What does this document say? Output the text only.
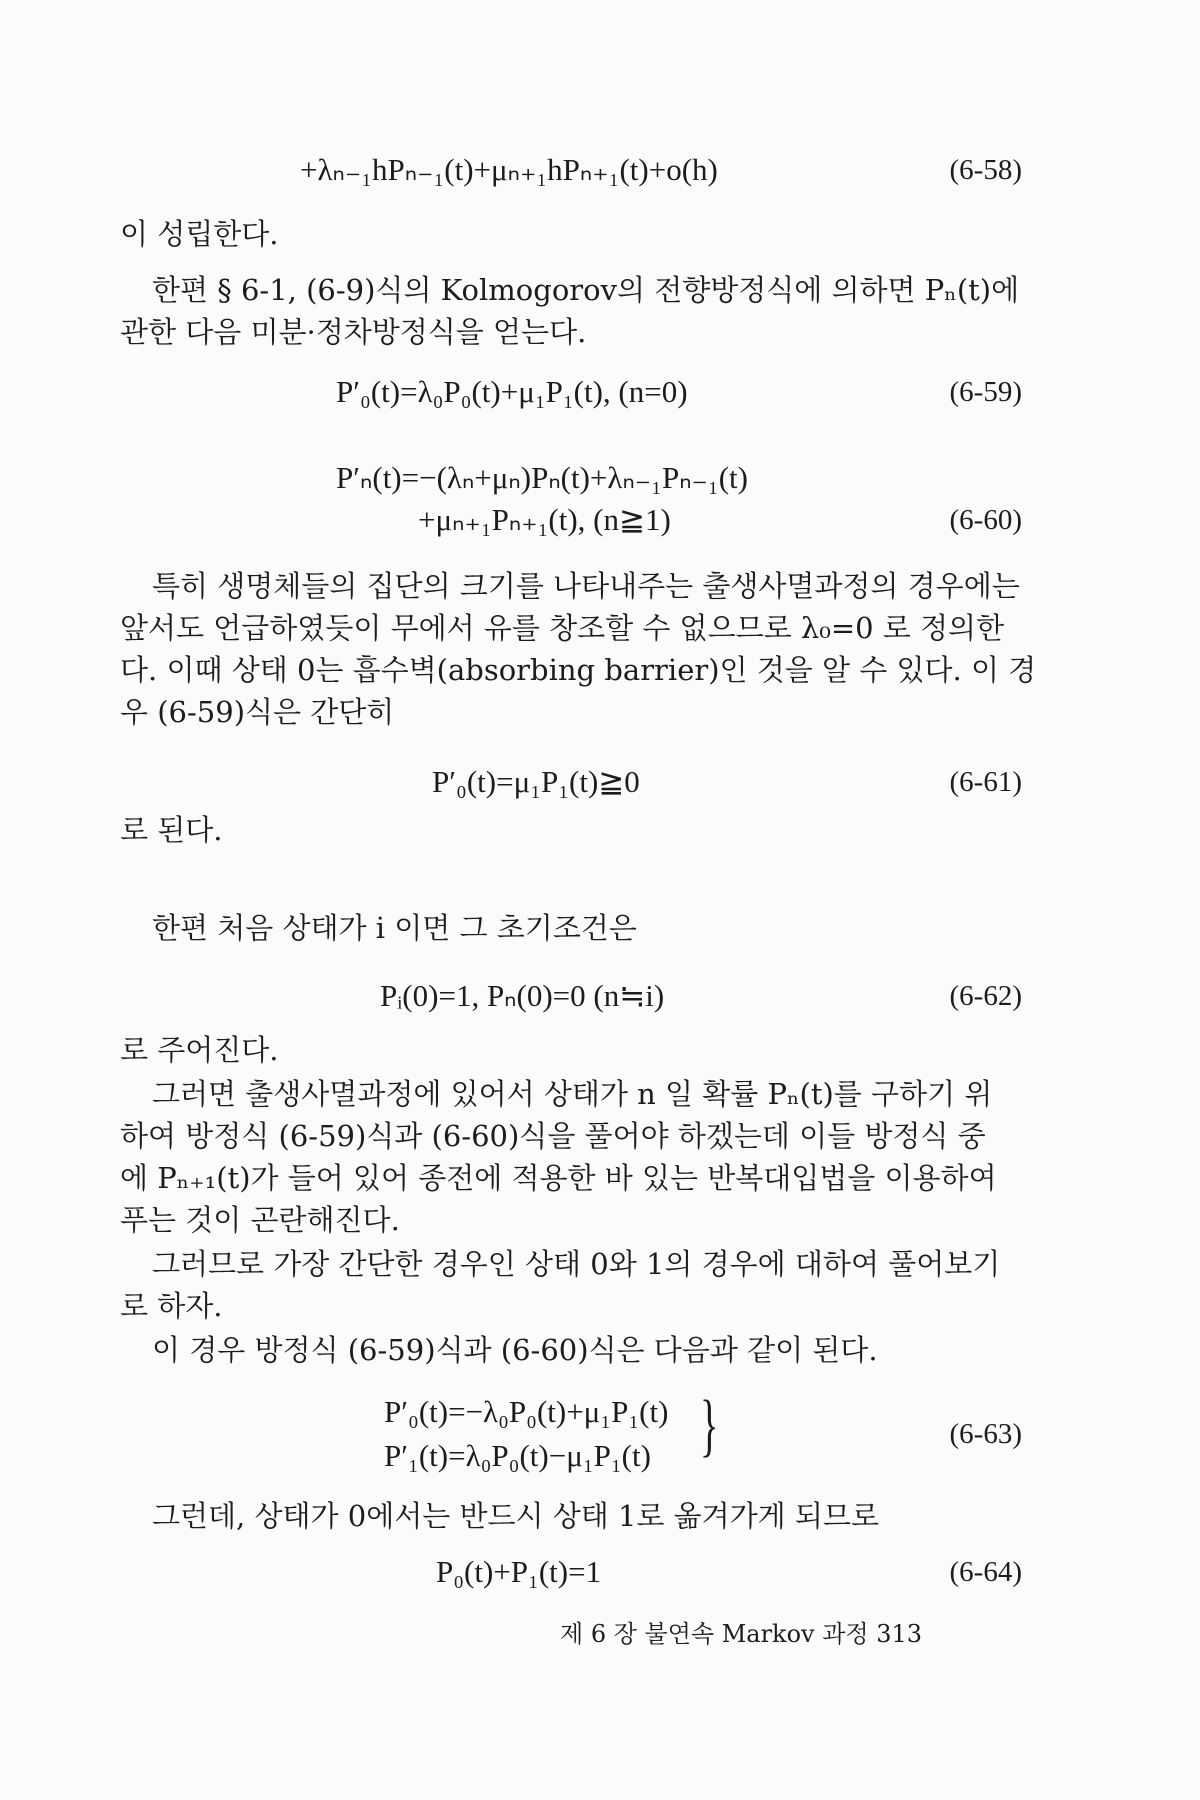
+λₙ₋₁hPₙ₋₁(t)+μₙ₊₁hPₙ₊₁(t)+o(h)	(6-58)
이 성립한다.
한편 § 6-1, (6-9)식의 Kolmogorov의 전향방정식에 의하면 Pₙ(t)에
관한 다음 미분·정차방정식을 얻는다.
P′₀(t)=λ₀P₀(t)+μ₁P₁(t), (n=0)	(6-59)
P′ₙ(t)=−(λₙ+μₙ)Pₙ(t)+λₙ₋₁Pₙ₋₁(t)
+μₙ₊₁Pₙ₊₁(t), (n≧1)	(6-60)
특히 생명체들의 집단의 크기를 나타내주는 출생사멸과정의 경우에는
앞서도 언급하였듯이 무에서 유를 창조할 수 없으므로 λ₀=0 로 정의한
다. 이때 상태 0는 흡수벽(absorbing barrier)인 것을 알 수 있다. 이 경
우 (6-59)식은 간단히
P′₀(t)=μ₁P₁(t)≧0	(6-61)
로 된다.
한편 처음 상태가 i 이면 그 초기조건은
Pᵢ(0)=1, Pₙ(0)=0 (n≒i)	(6-62)
로 주어진다.
그러면 출생사멸과정에 있어서 상태가 n 일 확률 Pₙ(t)를 구하기 위
하여 방정식 (6-59)식과 (6-60)식을 풀어야 하겠는데 이들 방정식 중
에 Pₙ₊₁(t)가 들어 있어 종전에 적용한 바 있는 반복대입법을 이용하여
푸는 것이 곤란해진다.
그러므로 가장 간단한 경우인 상태 0와 1의 경우에 대하여 풀어보기
로 하자.
이 경우 방정식 (6-59)식과 (6-60)식은 다음과 같이 된다.
P′₀(t)=−λ₀P₀(t)+μ₁P₁(t)
P′₁(t)=λ₀P₀(t)−μ₁P₁(t) }	(6-63)
그런데, 상태가 0에서는 반드시 상태 1로 옮겨가게 되므로
P₀(t)+P₁(t)=1	(6-64)
제 6 장 불연속 Markov 과정 313
